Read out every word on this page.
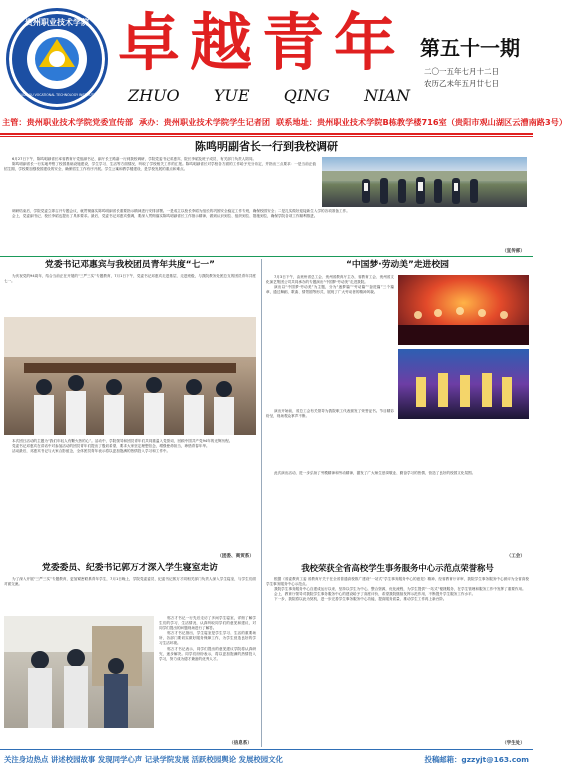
贵州职业技术学院
GUIZHOU VOCATIONAL TECHNOLOGY INSTITUTE
卓越青年
ZHUO YUE QING NIAN
第五十一期
二〇一五年七月十二日
农历乙未年五月廿七日
主管：贵州职业技术学院党委宣传部 承办：贵州职业技术学院学生记者团 联系地址：贵州职业技术学院B栋教学楼716室（贵阳市观山湖区云漕南路3号）
陈鸣明副省长一行到我校调研

6月27日下午，陈鸣明副省长率省教育厅党组副书记、副厅长王路嘉一行到我校调研，学院党委书记邓惠宾、院长李昭及班子成员、有关部门负责人陪同。

陈鸣明副省长一行实地考察了校园基础设施建设，学生学习、生活等方面情况，听取了学校相关工作的汇报。陈鸣明副省长对学校各方面的工作给予充分肯定，并指出三点要求：一是当前正值招生期，学校要加强校园建设的安全，确保招生工作有序开展。学生公寓和教学楼建设，是学校发展的重点和难点。

调研结束后，学院党委立即召开专题会议，就贯彻落实陈鸣明副省长重要指示精神进行安排部署。一是成立以校长李昭为组长的巩固安全稳定工作专班，确保校园安全；二是扎实做好迎接新生入学的各项准备工作。

会上，党委副书记、校长李昭也提出了具体要求。最后，党委书记邓惠宾强调，要深入贯彻落实陈鸣明副省长工作指示精神，做到认识到位、组织到位、措施到位，确保学院各项工作顺利推进。

（宣传部）
党委书记邓惠宾与我校团员青年共度“七一”

为庆祝党的94周年，结合当前正在开展的“三严三实”专题教育，7月1日下午，党委书记邓惠宾走进基层、走进班级，与我院教务处团总支的团员青年共度七一。

本次团日活动的主题为“我们年轻人有颗火热的心”。活动中，学院领导和团员青年们共同重温入党誓词，回顾中国共产党94年的光辉历程。

党委书记邓惠宾在讲话中对参加活动的团员青年们提出了殷切希望，要求大家坚定理想信念，增强使命担当，珍惜青春年华。

活动最后，邓惠宾书记与大家合影留念，全体团员青年表示将以更加饱满的热情投入学习和工作中。

（团委、商贸系）
党委委员、纪委书记郭万才深入学生寝室走访

为了深入开展“三严三实”专题教育，更加紧密联系青年学生，7月1日晚上，学院党委委员、纪委书记郭万才同相关部门负责人深入学生寝室，与学生们面对面交流。

郭万才书记一行先后走访了多间学生寝室，详细了解学生们的学习、生活情况，认真听取同学们的意见和建议，对同学们提出的问题现场进行了解答。

郭万才书记指出，学生寝室是学生学习、生活的重要场所，各部门要切实做好服务保障工作，为学生营造良好的学习生活环境。

郭万才书记表示，同学们提出的意见建议学院将认真研究，逐步解决。同学们纷纷表示，将以更加饱满的热情投入学习，努力成为德才兼备的优秀人才。

（信息系）
“中国梦·劳动美”走进校园

7月3日下午，由贵州省总工会、贵州省教育厅主办，省教育工会、贵州省文化演艺集团公司共同承办的专题演出“中国梦·劳动美”走进我院。

演出以“中国梦·劳动美”为主题，分为“逐梦篇”“劳动篇”“奋进篇”三个篇章，通过舞蹈、歌曲、情景剧等形式，展现了广大劳动者的精神风貌。

演出开始前，省总工会有关领导为我院职工代表颁发了荣誉证书。节目精彩纷呈，现场观众掌声不断。

此次演出活动，进一步弘扬了劳模精神和劳动精神，激发了广大师生爱岗敬业、勤奋学习的热情，营造了良好的校园文化氛围。

（工会）
我校荣获全省高校学生事务服务中心示范点荣誉称号

根据《省委教育工委 省教育厅关于在全省普通高校推广建设“一站式”学生事务服务中心的意见》精神，经省教育厅评审，我院学生事务服务中心被评为全省高校学生事务服务中心示范点。

我院学生事务服务中心自建成运行以来，坚持以学生为中心，整合资源，优化流程，为学生提供“一站式”便捷服务，在学生管理和服务工作中发挥了重要作用。

会上，教育厅领导对我院学生事务服务中心的建设给予了高度评价，希望我院继续发挥示范作用，不断提升学生服务工作水平。

下一步，我院将以此为契机，进一步完善学生事务服务中心功能，提高服务质量，推动学生工作再上新台阶。

（学生处）
关注身边热点 讲述校园故事 发现同学心声 记录学院发展 活跃校园舆论 发展校园文化	投稿邮箱：gzzyjt@163.com
